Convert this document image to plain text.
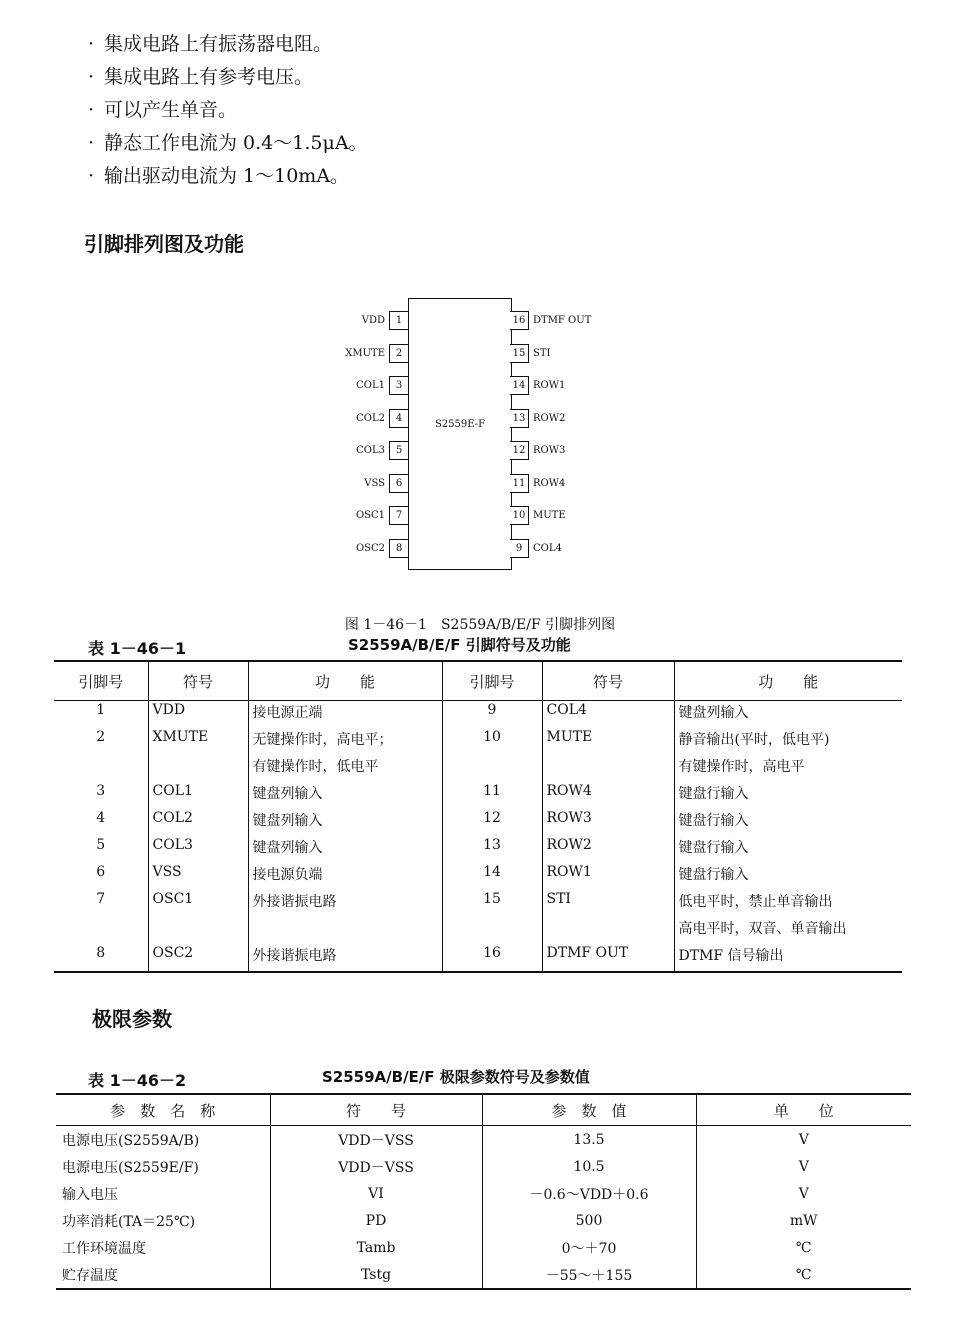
· 集成电路上有振荡器电阻。
· 集成电路上有参考电压。
· 可以产生单音。
· 静态工作电流为 0.4～1.5μA。
· 输出驱动电流为 1～10mA。
引脚排列图及功能
S2559E-F
VDD 1
XMUTE 2
COL1 3
COL2 4
COL3 5
VSS 6
OSC1 7
OSC2 8
16 DTMF OUT
15 STI
14 ROW1
13 ROW2
12 ROW3
11 ROW4
10 MUTE
9 COL4
图 1－46－1　S2559A/B/E/F 引脚排列图
表 1－46－1	S2559A/B/E/F 引脚符号及功能
引脚号	符号	功　　能	引脚号	符号	功　　能
1	VDD	接电源正端	9	COL4	键盘列输入
2	XMUTE	无键操作时，高电平；	10	MUTE	静音输出(平时，低电平)
		有键操作时，低电平			有键操作时，高电平
3	COL1	键盘列输入	11	ROW4	键盘行输入
4	COL2	键盘列输入	12	ROW3	键盘行输入
5	COL3	键盘列输入	13	ROW2	键盘行输入
6	VSS	接电源负端	14	ROW1	键盘行输入
7	OSC1	外接谐振电路	15	STI	低电平时，禁止单音输出
					高电平时，双音、单音输出
8	OSC2	外接谐振电路	16	DTMF OUT	DTMF 信号输出
极限参数
表 1－46－2	S2559A/B/E/F 极限参数符号及参数值
参　数　名　称	符　　号	参　数　值	单　　位
电源电压(S2559A/B)	VDD－VSS	13.5	V
电源电压(S2559E/F)	VDD－VSS	10.5	V
输入电压	VI	－0.6～VDD＋0.6	V
功率消耗(TA＝25℃)	PD	500	mW
工作环境温度	Tamb	0～＋70	℃
贮存温度	Tstg	－55～＋155	℃
